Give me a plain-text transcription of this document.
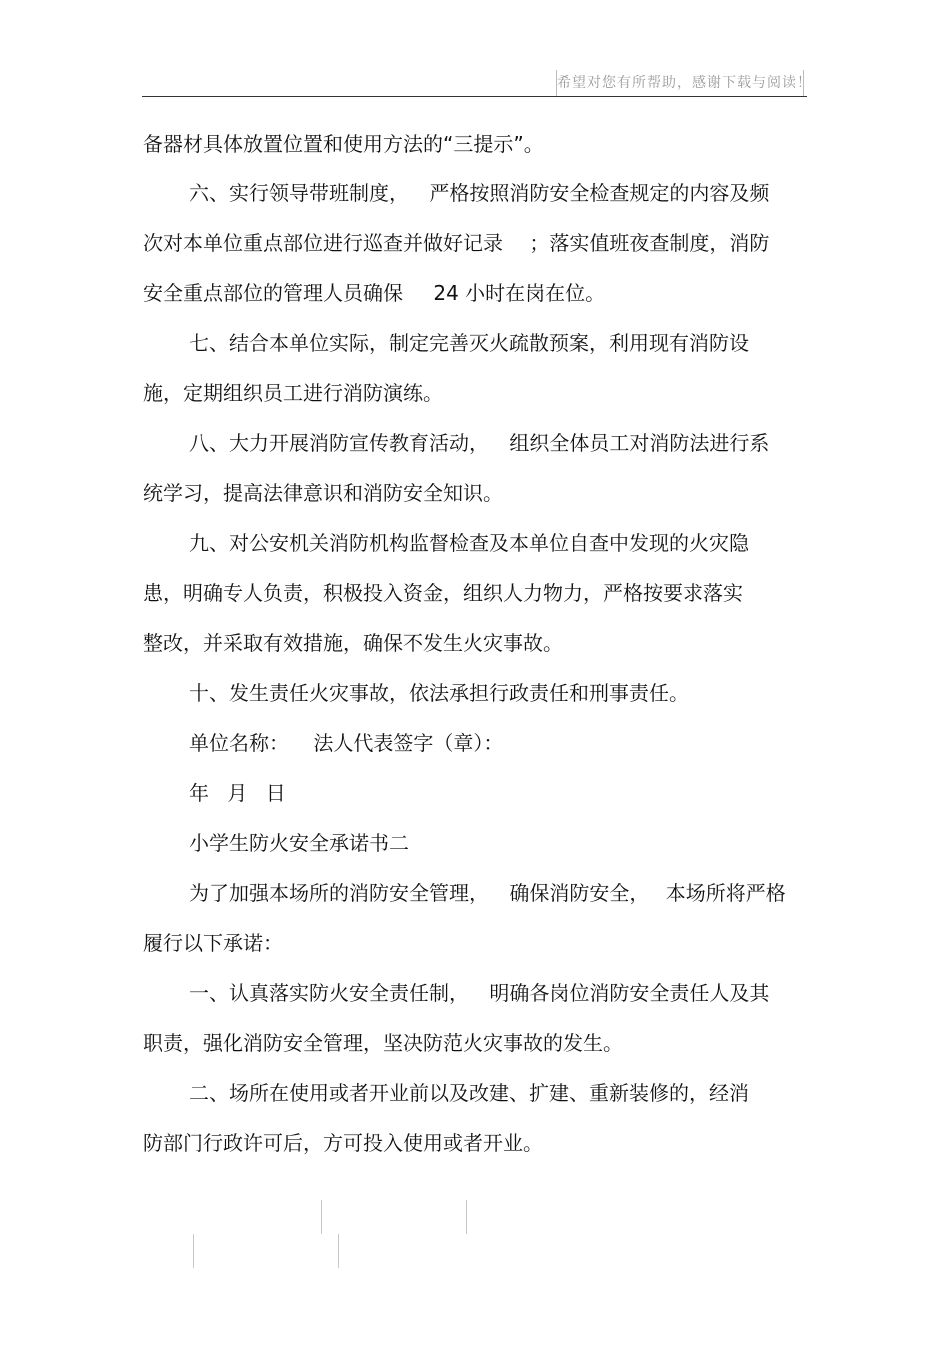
希望对您有所帮助，感谢下载与阅读！
备器材具体放置位置和使用方法的“三提示”。
六、实行领导带班制度， 严格按照消防安全检查规定的内容及频
次对本单位重点部位进行巡查并做好记录 ；落实值班夜查制度，消防
安全重点部位的管理人员确保 24 小时在岗在位。
七、结合本单位实际，制定完善灭火疏散预案，利用现有消防设
施，定期组织员工进行消防演练。
八、大力开展消防宣传教育活动， 组织全体员工对消防法进行系
统学习，提高法律意识和消防安全知识。
九、对公安机关消防机构监督检查及本单位自查中发现的火灾隐
患，明确专人负责，积极投入资金，组织人力物力，严格按要求落实
整改，并采取有效措施，确保不发生火灾事故。
十、发生责任火灾事故，依法承担行政责任和刑事责任。
单位名称： 法人代表签字（章）：
年 月 日
小学生防火安全承诺书二
为了加强本场所的消防安全管理， 确保消防安全， 本场所将严格
履行以下承诺：
一、认真落实防火安全责任制， 明确各岗位消防安全责任人及其
职责，强化消防安全管理，坚决防范火灾事故的发生。
二、场所在使用或者开业前以及改建、扩建、重新装修的，经消
防部门行政许可后，方可投入使用或者开业。
